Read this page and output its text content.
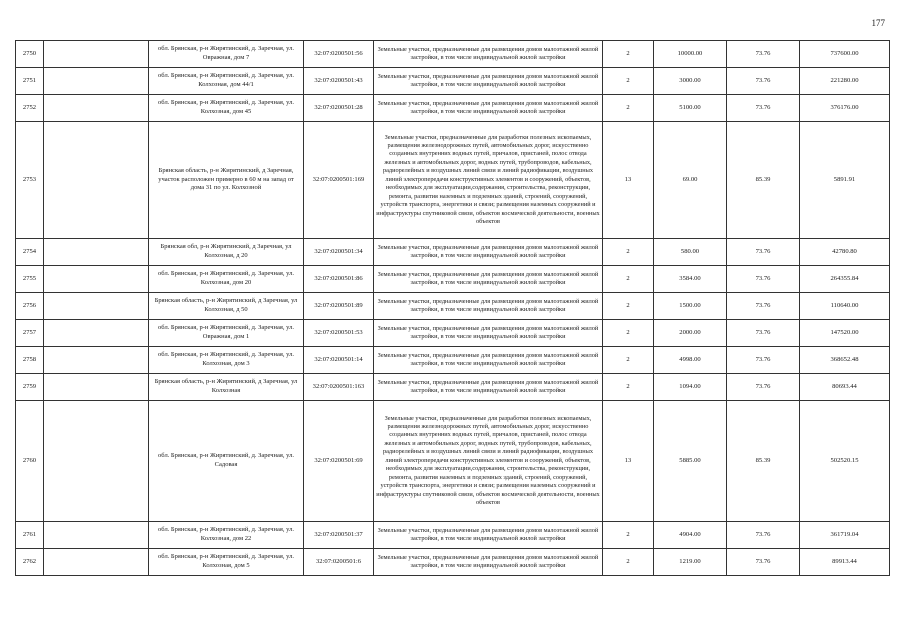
177
2750		обл. Брянская, р-н Жирятинский, д. Заречная, ул. Овражная, дом 7	32:07:0200501:56	Земельные участки, предназначенные для размещения домов малоэтажной жилой застройки, в том числе индивидуальной жилой застройки	2	10000.00	73.76	737600.00
2751		обл. Брянская, р-н Жирятинский, д. Заречная, ул. Колхозная, дом 44/1	32:07:0200501:43	Земельные участки, предназначенные для размещения домов малоэтажной жилой застройки, в том числе индивидуальной жилой застройки	2	3000.00	73.76	221280.00
2752		обл. Брянская, р-н Жирятинский, д. Заречная, ул. Колхозная, дом 45	32:07:0200501:28	Земельные участки, предназначенные для размещения домов малоэтажной жилой застройки, в том числе индивидуальной жилой застройки	2	5100.00	73.76	376176.00
2753		Брянская область, р-н Жирятинский, д Заречная, участок расположен примерно в 60 м на запад от дома 31 по ул. Колхозной	32:07:0200501:169	Земельные участки, предназначенные для разработки полезных ископаемых, размещения железнодорожных путей, автомобильных дорог, искусственно созданных внутренних водных путей, причалов, пристаней, полос отвода железных и автомобильных дорог, водных путей, трубопроводов, кабельных, радиорелейных и воздушных линий связи и линий радиофикации, воздушных линий электропередачи конструктивных элементов и сооружений, объектов, необходимых для эксплуатации,содержания, строительства, реконструкции, ремонта, развития наземных и подземных зданий, строений, сооружений, устройств транспорта, энергетики и связи; размещения наземных сооружений и инфраструктуры спутниковой связи, объектов космической деятельности, военных объектов	13	69.00	85.39	5891.91
2754		Брянская обл, р-н Жирятинский, д Заречная, ул Колхозная, д 20	32:07:0200501:34	Земельные участки, предназначенные для размещения домов малоэтажной жилой застройки, в том числе индивидуальной жилой застройки	2	580.00	73.76	42780.80
2755		обл. Брянская, р-н Жирятинский, д. Заречная, ул. Колхозная, дом 20	32:07:0200501:86	Земельные участки, предназначенные для размещения домов малоэтажной жилой застройки, в том числе индивидуальной жилой застройки	2	3584.00	73.76	264355.84
2756		Брянская область, р-н Жирятинский, д Заречная, ул Колхозная, д 50	32:07:0200501:89	Земельные участки, предназначенные для размещения домов малоэтажной жилой застройки, в том числе индивидуальной жилой застройки	2	1500.00	73.76	110640.00
2757		обл. Брянская, р-н Жирятинский, д. Заречная, ул. Овражная, дом 1	32:07:0200501:53	Земельные участки, предназначенные для размещения домов малоэтажной жилой застройки, в том числе индивидуальной жилой застройки	2	2000.00	73.76	147520.00
2758		обл. Брянская, р-н Жирятинский, д. Заречная, ул. Колхозная, дом 3	32:07:0200501:14	Земельные участки, предназначенные для размещения домов малоэтажной жилой застройки, в том числе индивидуальной жилой застройки	2	4998.00	73.76	368652.48
2759		Брянская область, р-н Жирятинский, д Заречная, ул Колхозная	32:07:0200501:163	Земельные участки, предназначенные для размещения домов малоэтажной жилой застройки, в том числе индивидуальной жилой застройки	2	1094.00	73.76	80693.44
2760		обл. Брянская, р-н Жирятинский, д. Заречная, ул. Садовая	32:07:0200501:69	Земельные участки, предназначенные для разработки полезных ископаемых, размещения железнодорожных путей, автомобильных дорог, искусственно созданных внутренних водных путей, причалов, пристаней, полос отвода железных и автомобильных дорог, водных путей, трубопроводов, кабельных, радиорелейных и воздушных линий связи и линий радиофикации, воздушных линий электропередачи конструктивных элементов и сооружений, объектов, необходимых для эксплуатации,содержания, строительства, реконструкции, ремонта, развития наземных и подземных зданий, строений, сооружений, устройств транспорта, энергетики и связи; размещения наземных сооружений и инфраструктуры спутниковой связи, объектов космической деятельности, военных объектов	13	5885.00	85.39	502520.15
2761		обл. Брянская, р-н Жирятинский, д. Заречная, ул. Колхозная, дом 22	32:07:0200501:37	Земельные участки, предназначенные для размещения домов малоэтажной жилой застройки, в том числе индивидуальной жилой застройки	2	4904.00	73.76	361719.04
2762		обл. Брянская, р-н Жирятинский, д. Заречная, ул. Колхозная, дом 5	32:07:0200501:6	Земельные участки, предназначенные для размещения домов малоэтажной жилой застройки, в том числе индивидуальной жилой застройки	2	1219.00	73.76	89913.44
